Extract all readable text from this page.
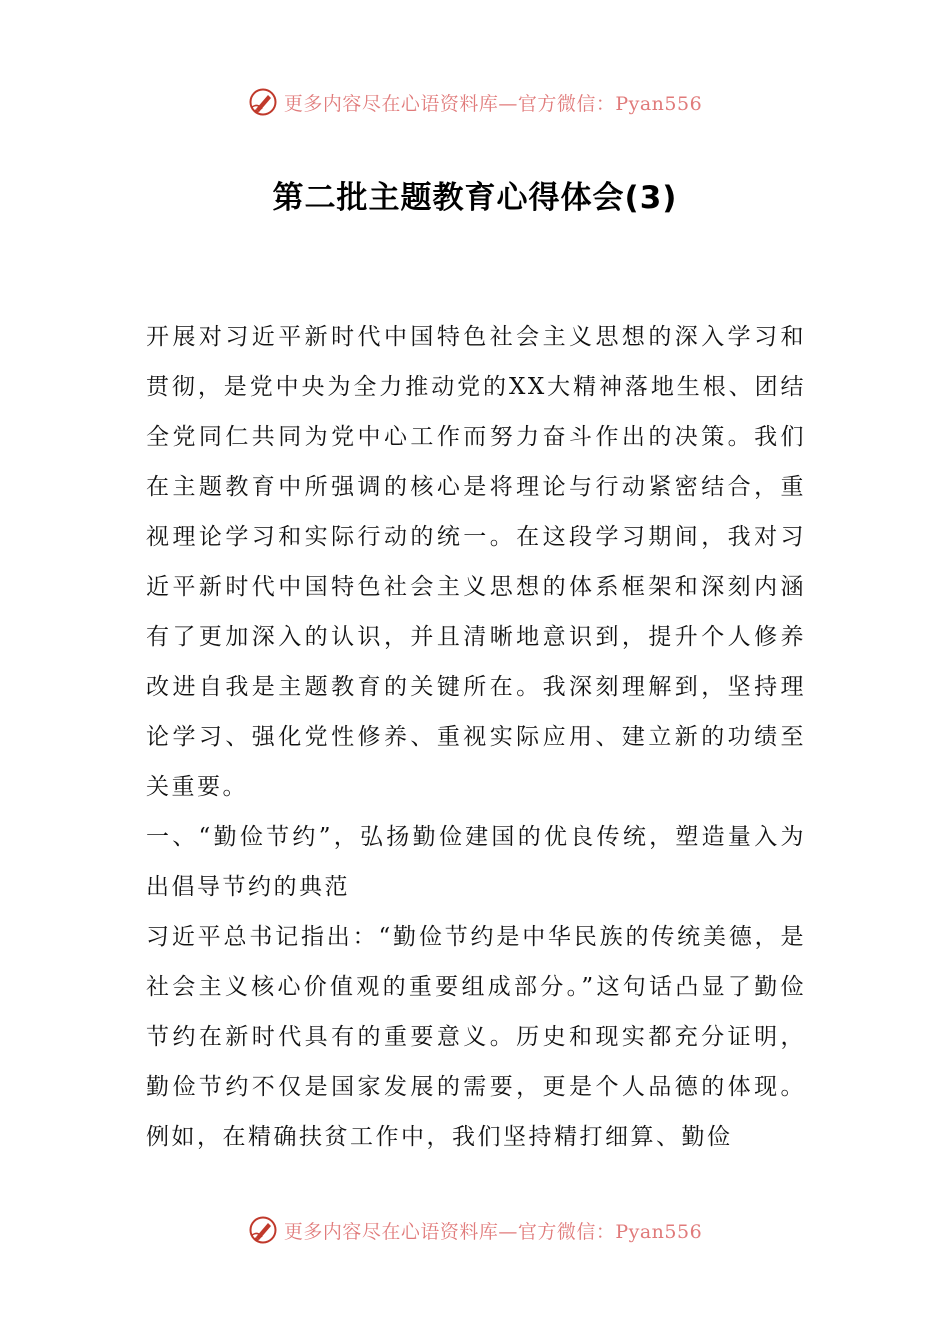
更多内容尽在心语资料库—官方微信：Pyan556
第二批主题教育心得体会(3)

开展对习近平新时代中国特色社会主义思想的深入学习和贯彻，是党中央为全力推动党的XX大精神落地生根、团结全党同仁共同为党中心工作而努力奋斗作出的决策。我们在主题教育中所强调的核心是将理论与行动紧密结合，重视理论学习和实际行动的统一。在这段学习期间，我对习近平新时代中国特色社会主义思想的体系框架和深刻内涵有了更加深入的认识，并且清晰地意识到，提升个人修养改进自我是主题教育的关键所在。我深刻理解到，坚持理论学习、强化党性修养、重视实际应用、建立新的功绩至关重要。

一、“勤俭节约”，弘扬勤俭建国的优良传统，塑造量入为出倡导节约的典范

习近平总书记指出：“勤俭节约是中华民族的传统美德，是社会主义核心价值观的重要组成部分。”这句话凸显了勤俭节约在新时代具有的重要意义。历史和现实都充分证明，勤俭节约不仅是国家发展的需要，更是个人品德的体现。例如，在精确扶贫工作中，我们坚持精打细算、勤俭

更多内容尽在心语资料库—官方微信：Pyan556
